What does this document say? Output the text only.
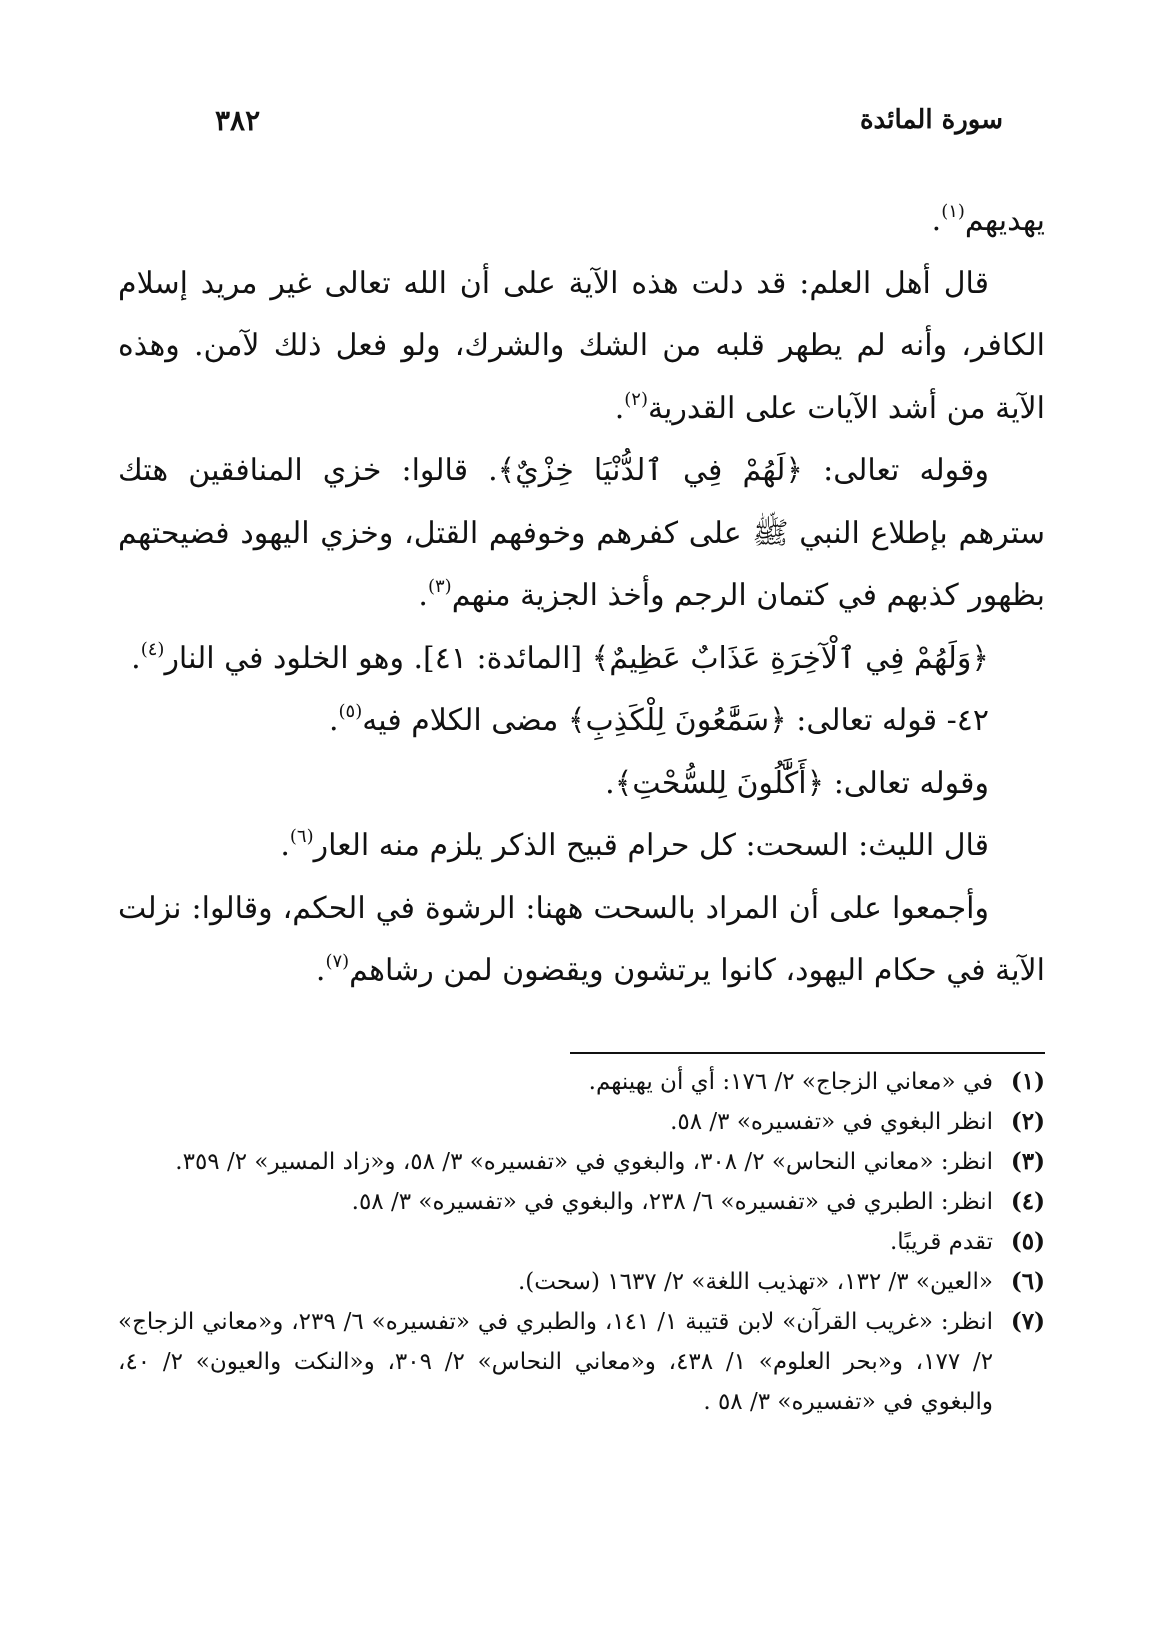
سورة المائدة
٣٨٢

يهديهم$^{(١)}$.

قال أهل العلم: قد دلت هذه الآية على أن الله تعالى غير مريد إسلام الكافر، وأنه لم يطهر قلبه من الشك والشرك، ولو فعل ذلك لآمن. وهذه الآية من أشد الآيات على القدرية$^{(٢)}$.

وقوله تعالى: ﴿لَهُمْ فِي ٱلدُّنْيَا خِزْيٌ﴾. قالوا: خزي المنافقين هتك سترهم بإطلاع النبي ﷺ على كفرهم وخوفهم القتل، وخزي اليهود فضيحتهم بظهور كذبهم في كتمان الرجم وأخذ الجزية منهم$^{(٣)}$.

﴿وَلَهُمْ فِي ٱلْآخِرَةِ عَذَابٌ عَظِيمٌ﴾ [المائدة: ٤١]. وهو الخلود في النار$^{(٤)}$.

٤٢- قوله تعالى: ﴿سَمَّٰعُونَ لِلْكَذِبِ﴾ مضى الكلام فيه$^{(٥)}$.

وقوله تعالى: ﴿أَكَّٰلُونَ لِلسُّحْتِ﴾.

قال الليث: السحت: كل حرام قبيح الذكر يلزم منه العار$^{(٦)}$.

وأجمعوا على أن المراد بالسحت ههنا: الرشوة في الحكم، وقالوا: نزلت الآية في حكام اليهود، كانوا يرتشون ويقضون لمن رشاهم$^{(٧)}$.

(١)
في «معاني الزجاج» ٢/ ١٧٦: أي أن يهينهم.
(٢)
انظر البغوي في «تفسيره» ٣/ ٥٨.
(٣)
انظر: «معاني النحاس» ٢/ ٣٠٨، والبغوي في «تفسيره» ٣/ ٥٨، و«زاد المسير» ٢/ ٣٥٩.
(٤)
انظر: الطبري في «تفسيره» ٦/ ٢٣٨، والبغوي في «تفسيره» ٣/ ٥٨.
(٥)
تقدم قريبًا.
(٦)
«العين» ٣/ ١٣٢، «تهذيب اللغة» ٢/ ١٦٣٧ (سحت).
(٧)
انظر: «غريب القرآن» لابن قتيبة ١/ ١٤١، والطبري في «تفسيره» ٦/ ٢٣٩، و«معاني الزجاج» ٢/ ١٧٧، و«بحر العلوم» ١/ ٤٣٨، و«معاني النحاس» ٢/ ٣٠٩، و«النكت والعيون» ٢/ ٤٠، والبغوي في «تفسيره» ٣/ ٥٨ .
